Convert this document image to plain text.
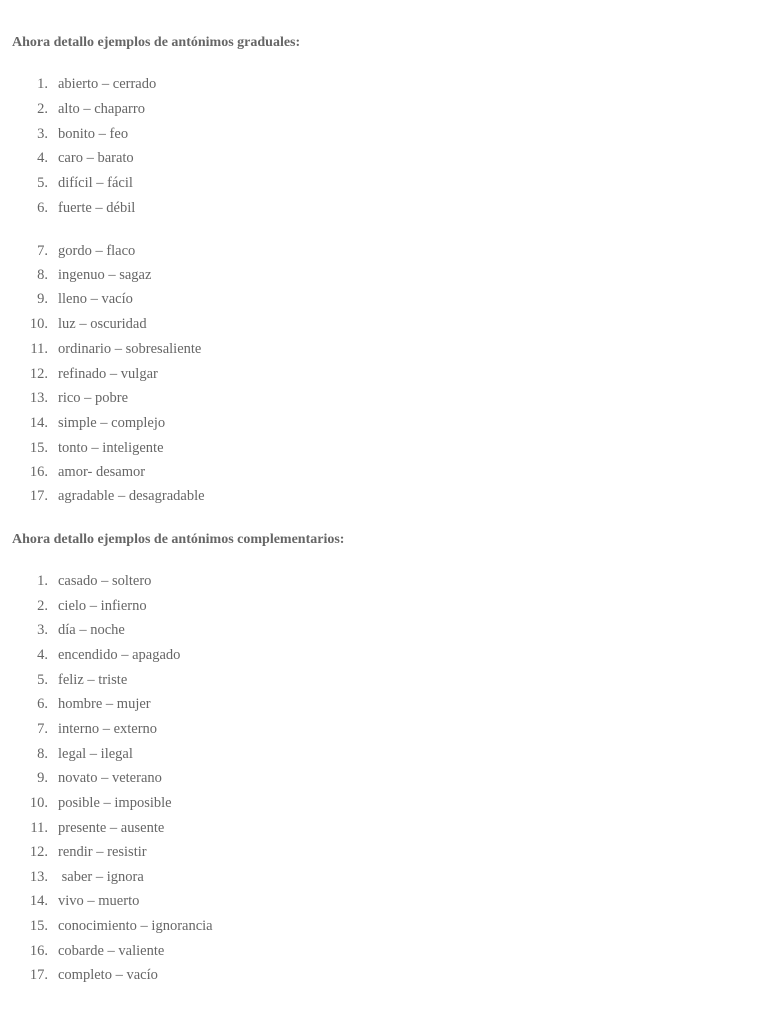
Ahora detallo ejemplos de antónimos graduales:
1. abierto – cerrado
2. alto – chaparro
3. bonito – feo
4. caro – barato
5. difícil – fácil
6. fuerte – débil
7. gordo – flaco
8. ingenuo – sagaz
9. lleno – vacío
10. luz – oscuridad
11. ordinario – sobresaliente
12. refinado – vulgar
13. rico – pobre
14. simple – complejo
15. tonto – inteligente
16. amor- desamor
17. agradable – desagradable
Ahora detallo ejemplos de antónimos complementarios:
1. casado – soltero
2. cielo – infierno
3. día – noche
4. encendido – apagado
5. feliz – triste
6. hombre – mujer
7. interno – externo
8. legal – ilegal
9. novato – veterano
10. posible – imposible
11. presente – ausente
12. rendir – resistir
13. saber – ignora
14. vivo – muerto
15. conocimiento – ignorancia
16. cobarde – valiente
17. completo – vacío
